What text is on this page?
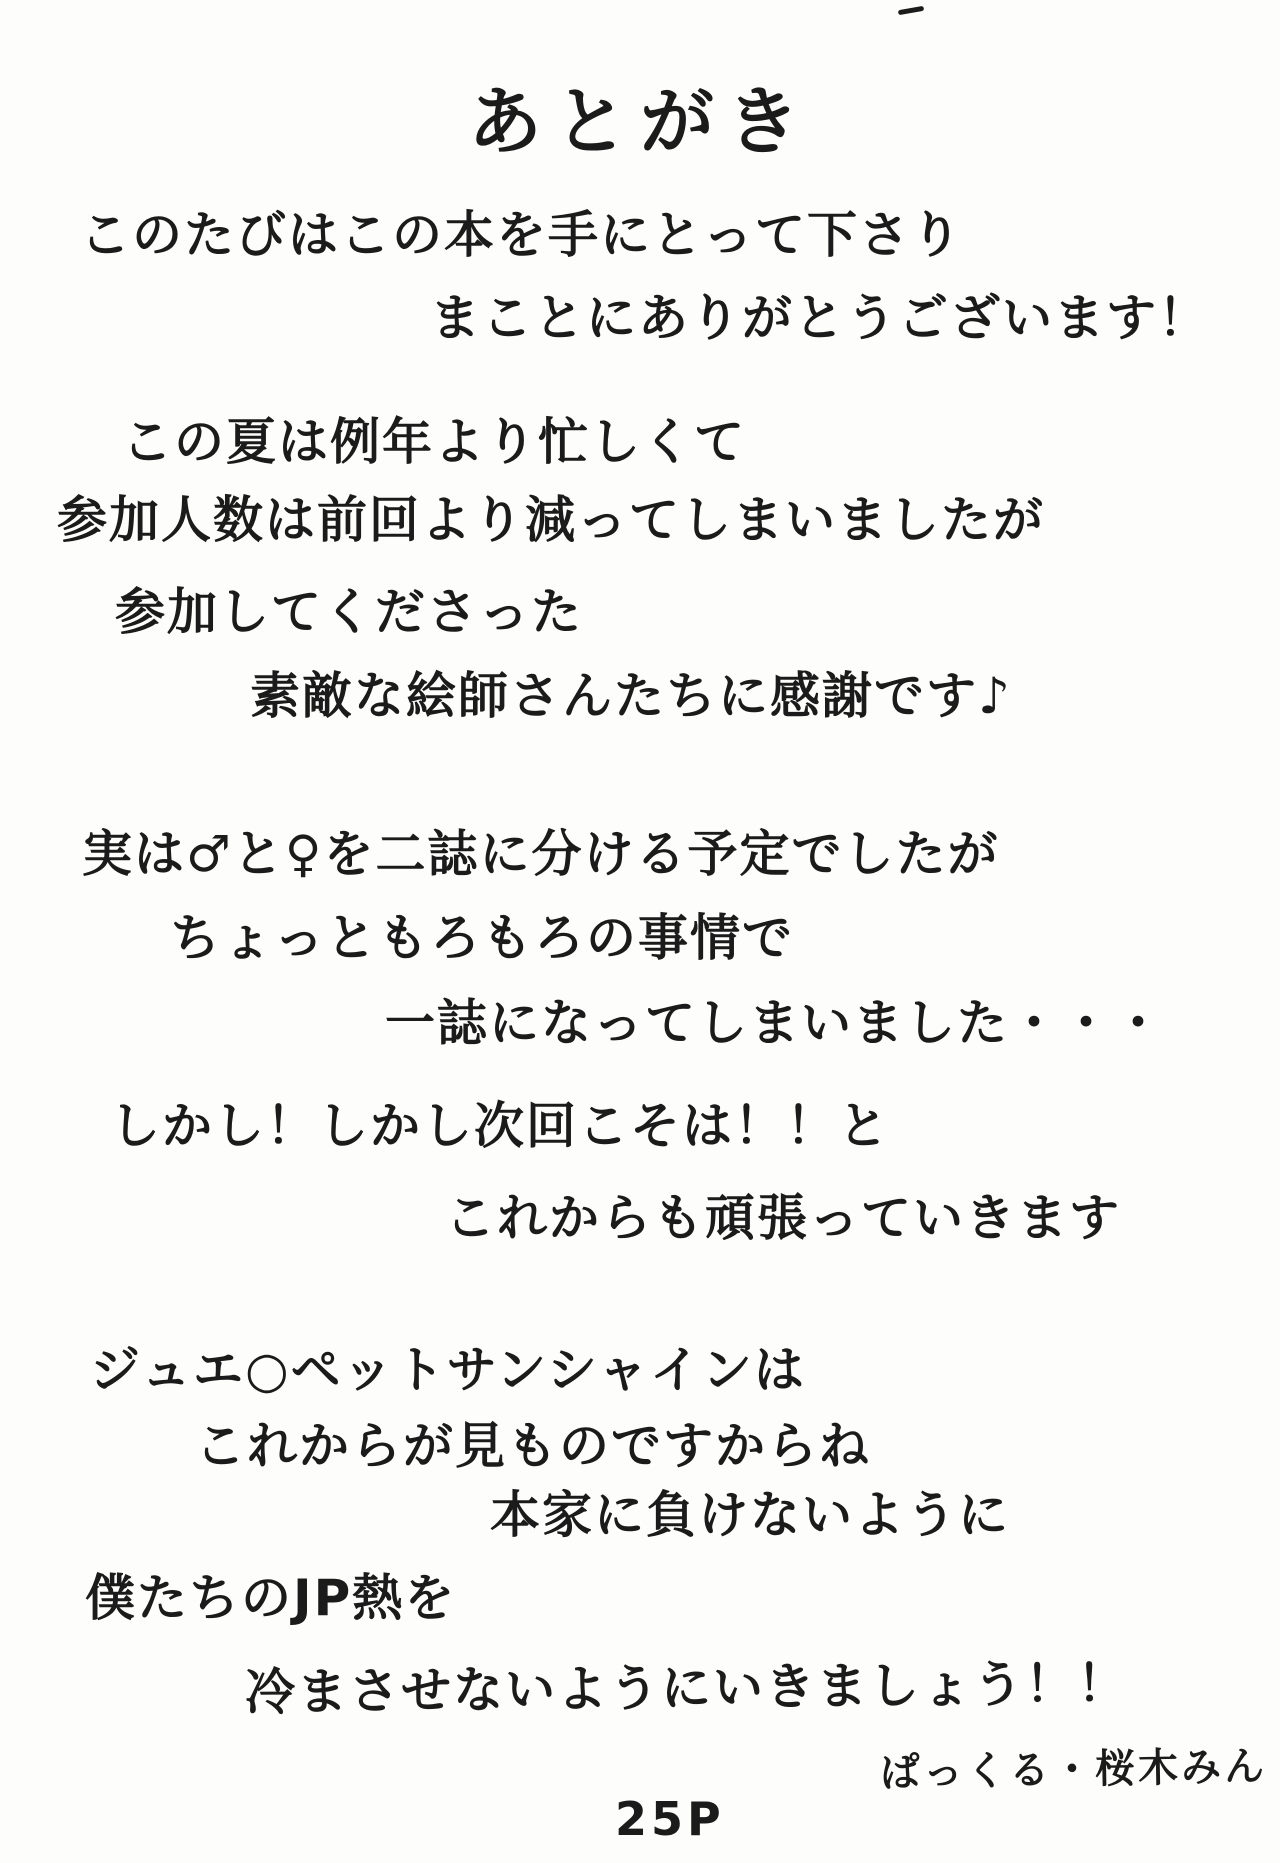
あとがき
このたびはこの本を手にとって下さり
まことにありがとうございます！
この夏は例年より忙しくて
参加人数は前回より減ってしまいましたが
参加してくださった
素敵な絵師さんたちに感謝です♪
実は♂と♀を二誌に分ける予定でしたが
ちょっともろもろの事情で
一誌になってしまいました・・・
しかし！しかし次回こそは！！と
これからも頑張っていきます
ジュエ○ペットサンシャインは
これからが見ものですからね
本家に負けないように
僕たちのJP熱を
冷まさせないようにいきましょう！！
ぱっくる・桜木みん
25P
